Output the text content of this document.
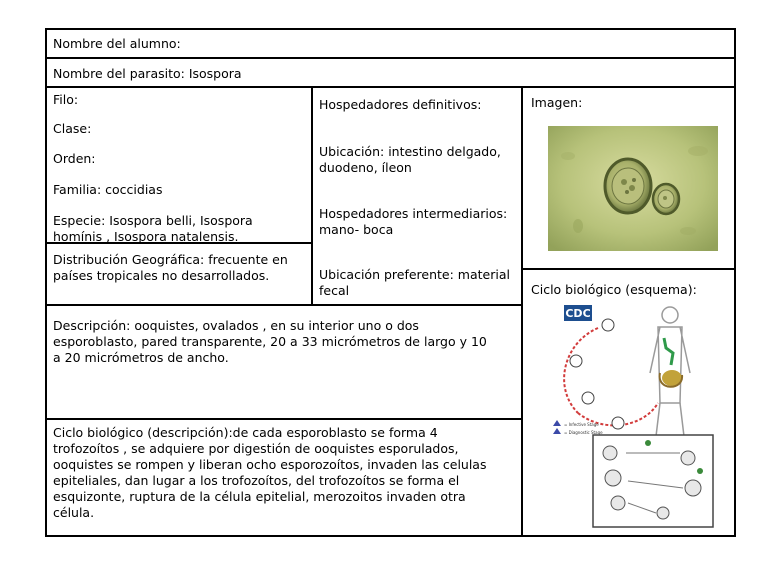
Nombre del alumno:
Nombre del parasito: Isospora
Filo:
Clase:
Orden:
Familia: coccidias
Especie: Isospora belli, Isospora
homínis , Isospora natalensis.
Distribución Geográfica: frecuente en
países tropicales no desarrollados.
Hospedadores definitivos:
Ubicación: intestino delgado,
duodeno, íleon
Hospedadores intermediarios:
mano- boca
Ubicación preferente: material
fecal
Imagen:
Ciclo biológico (esquema):
CDC
= Infective Stage
= Diagnostic Stage
Descripción: ooquistes, ovalados , en su interior uno o dos
esporoblasto, pared transparente, 20 a 33 micrómetros de largo y 10
a 20 micrómetros de ancho.
Ciclo biológico (descripción):de cada esporoblasto se forma 4
trofozoítos , se adquiere por digestión de ooquistes esporulados,
ooquistes se rompen y liberan ocho esporozoítos, invaden las celulas
epiteliales, dan lugar a los trofozoítos, del trofozoítos se forma el
esquizonte, ruptura de la célula epitelial, merozoitos invaden otra
célula.
